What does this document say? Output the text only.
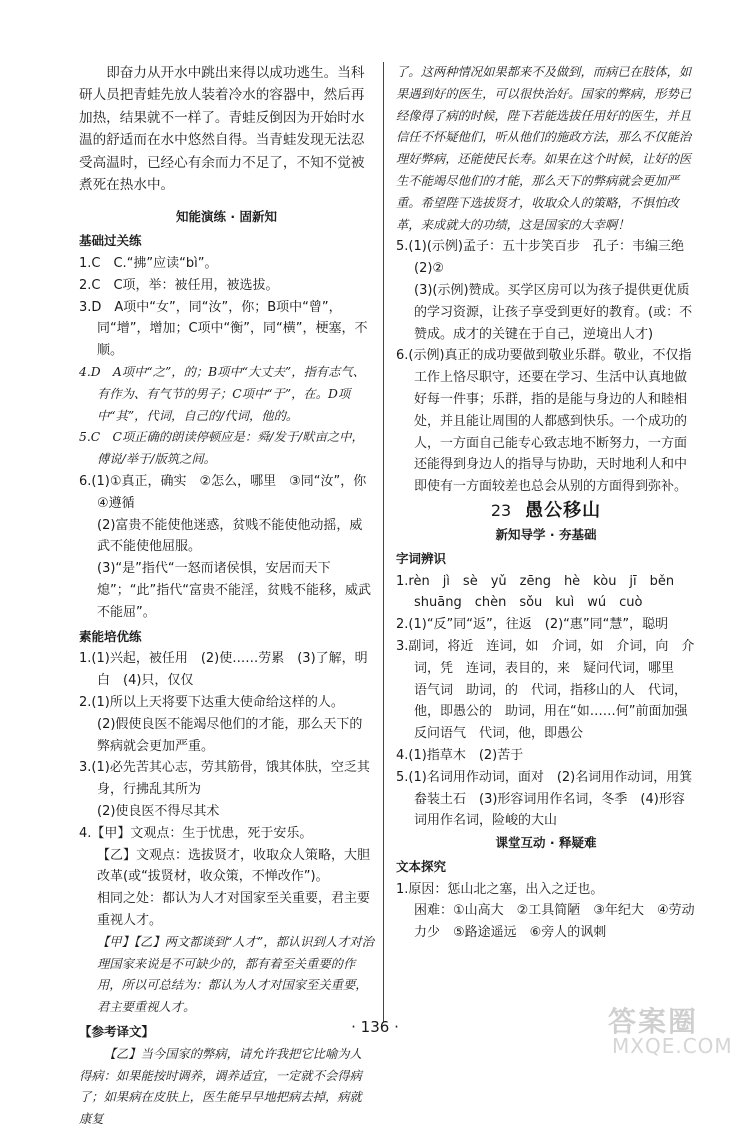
即奋力从开水中跳出来得以成功逃生。当科研人员把青蛙先放人装着冷水的容器中，然后再加热，结果就不一样了。青蛙反倒因为开始时水温的舒适而在水中悠然自得。当青蛙发现无法忍受高温时，已经心有余而力不足了，不知不觉被煮死在热水中。

知能演练 · 固新知

基础过关练

1.C　C.“拂”应读“bì”。

2.C　C项，举：被任用，被选拔。

3.D　A项中“女”，同“汝”，你；B项中“曾”，同“增”，增加；C项中“衡”，同“横”，梗塞，不顺。

4.D　A项中“之”，的；B项中“大丈夫”，指有志气、有作为、有气节的男子；C项中“于”，在。D项中“其”，代词，自己的/代词，他的。

5.C　C项正确的朗读停顿应是：舜/发于/畎亩之中，傅说/举于/版筑之间。

6.(1)①真正，确实　②怎么，哪里　③同“汝”，你　④遵循

(2)富贵不能使他迷惑，贫贱不能使他动摇，威武不能使他屈服。

(3)“是”指代“一怒而诸侯惧，安居而天下熄”；“此”指代“富贵不能淫，贫贱不能移，威武不能屈”。

素能培优练

1.(1)兴起，被任用　(2)使……劳累　(3)了解，明白　(4)只，仅仅

2.(1)所以上天将要下达重大使命给这样的人。

(2)假使良医不能竭尽他们的才能，那么天下的弊病就会更加严重。

3.(1)必先苦其心志，劳其筋骨，饿其体肤，空乏其身，行拂乱其所为

(2)使良医不得尽其术

4.【甲】文观点：生于忧患，死于安乐。

【乙】文观点：选拔贤才，收取众人策略，大胆改革(或“拔贤材，收众策，不惮改作”)。

相同之处：都认为人才对国家至关重要，君主要重视人才。

【甲】【乙】两文都谈到“人才”，都认识到人才对治理国家来说是不可缺少的，都有着至关重要的作用，所以可总结为：都认为人才对国家至关重要，君主要重视人才。

【参考译文】

【乙】当今国家的弊病，请允许我把它比喻为人得病：如果能按时调养，调养适宜，一定就不会得病了；如果病在皮肤上，医生能早早地把病去掉，病就康复

了。这两种情况如果都来不及做到，而病已在肢体，如果遇到好的医生，可以很快治好。国家的弊病，形势已经像得了病的时候，陛下若能选拔任用好的医生，并且信任不怀疑他们，听从他们的施政方法，那么不仅能治理好弊病，还能使民长寿。如果在这个时候，让好的医生不能竭尽他们的才能，那么天下的弊病就会更加严重。希望陛下选拔贤才，收取众人的策略，不惧怕改革，来成就大的功绩，这是国家的大幸啊！

5.(1)(示例)孟子：五十步笑百步　孔子：韦编三绝

(2)②

(3)(示例)赞成。买学区房可以为孩子提供更优质的学习资源，让孩子享受到更好的教育。(或：不赞成。成才的关键在于自己，逆境出人才)

6.(示例)真正的成功要做到敬业乐群。敬业，不仅指工作上恪尽职守，还要在学习、生活中认真地做好每一件事；乐群，指的是能与身边的人和睦相处，并且能让周围的人都感到快乐。一个成功的人，一方面自己能专心致志地不断努力，一方面还能得到身边人的指导与协助，天时地利人和中即使有一方面较差也总会从别的方面得到弥补。

23 愚公移山

新知导学 · 夯基础

字词辨识

1.rèn　jì　sè　yǔ　zēng　hè　kòu　jī　běn　shuāng　chèn　sǒu　kuì　wú　cuò

2.(1)“反”同“返”，往返　(2)“惠”同“慧”，聪明

3.副词，将近　连词，如　介词，如　介词，向　介词，凭　连词，表目的，来　疑问代词，哪里　语气词　助词，的　代词，指移山的人　代词，他，即愚公的　助词，用在“如……何”前面加强反问语气　代词，他，即愚公

4.(1)指草木　(2)苦于

5.(1)名词用作动词，面对　(2)名词用作动词，用箕畚装土石　(3)形容词用作名词，冬季　(4)形容词用作名词，险峻的大山

课堂互动 · 释疑难

文本探究

1.原因：惩山北之塞，出入之迂也。

困难：①山高大　②工具简陋　③年纪大　④劳动力少　⑤路途遥远　⑥旁人的讽刺

· 136 ·	答案圈
MXQE.COM
